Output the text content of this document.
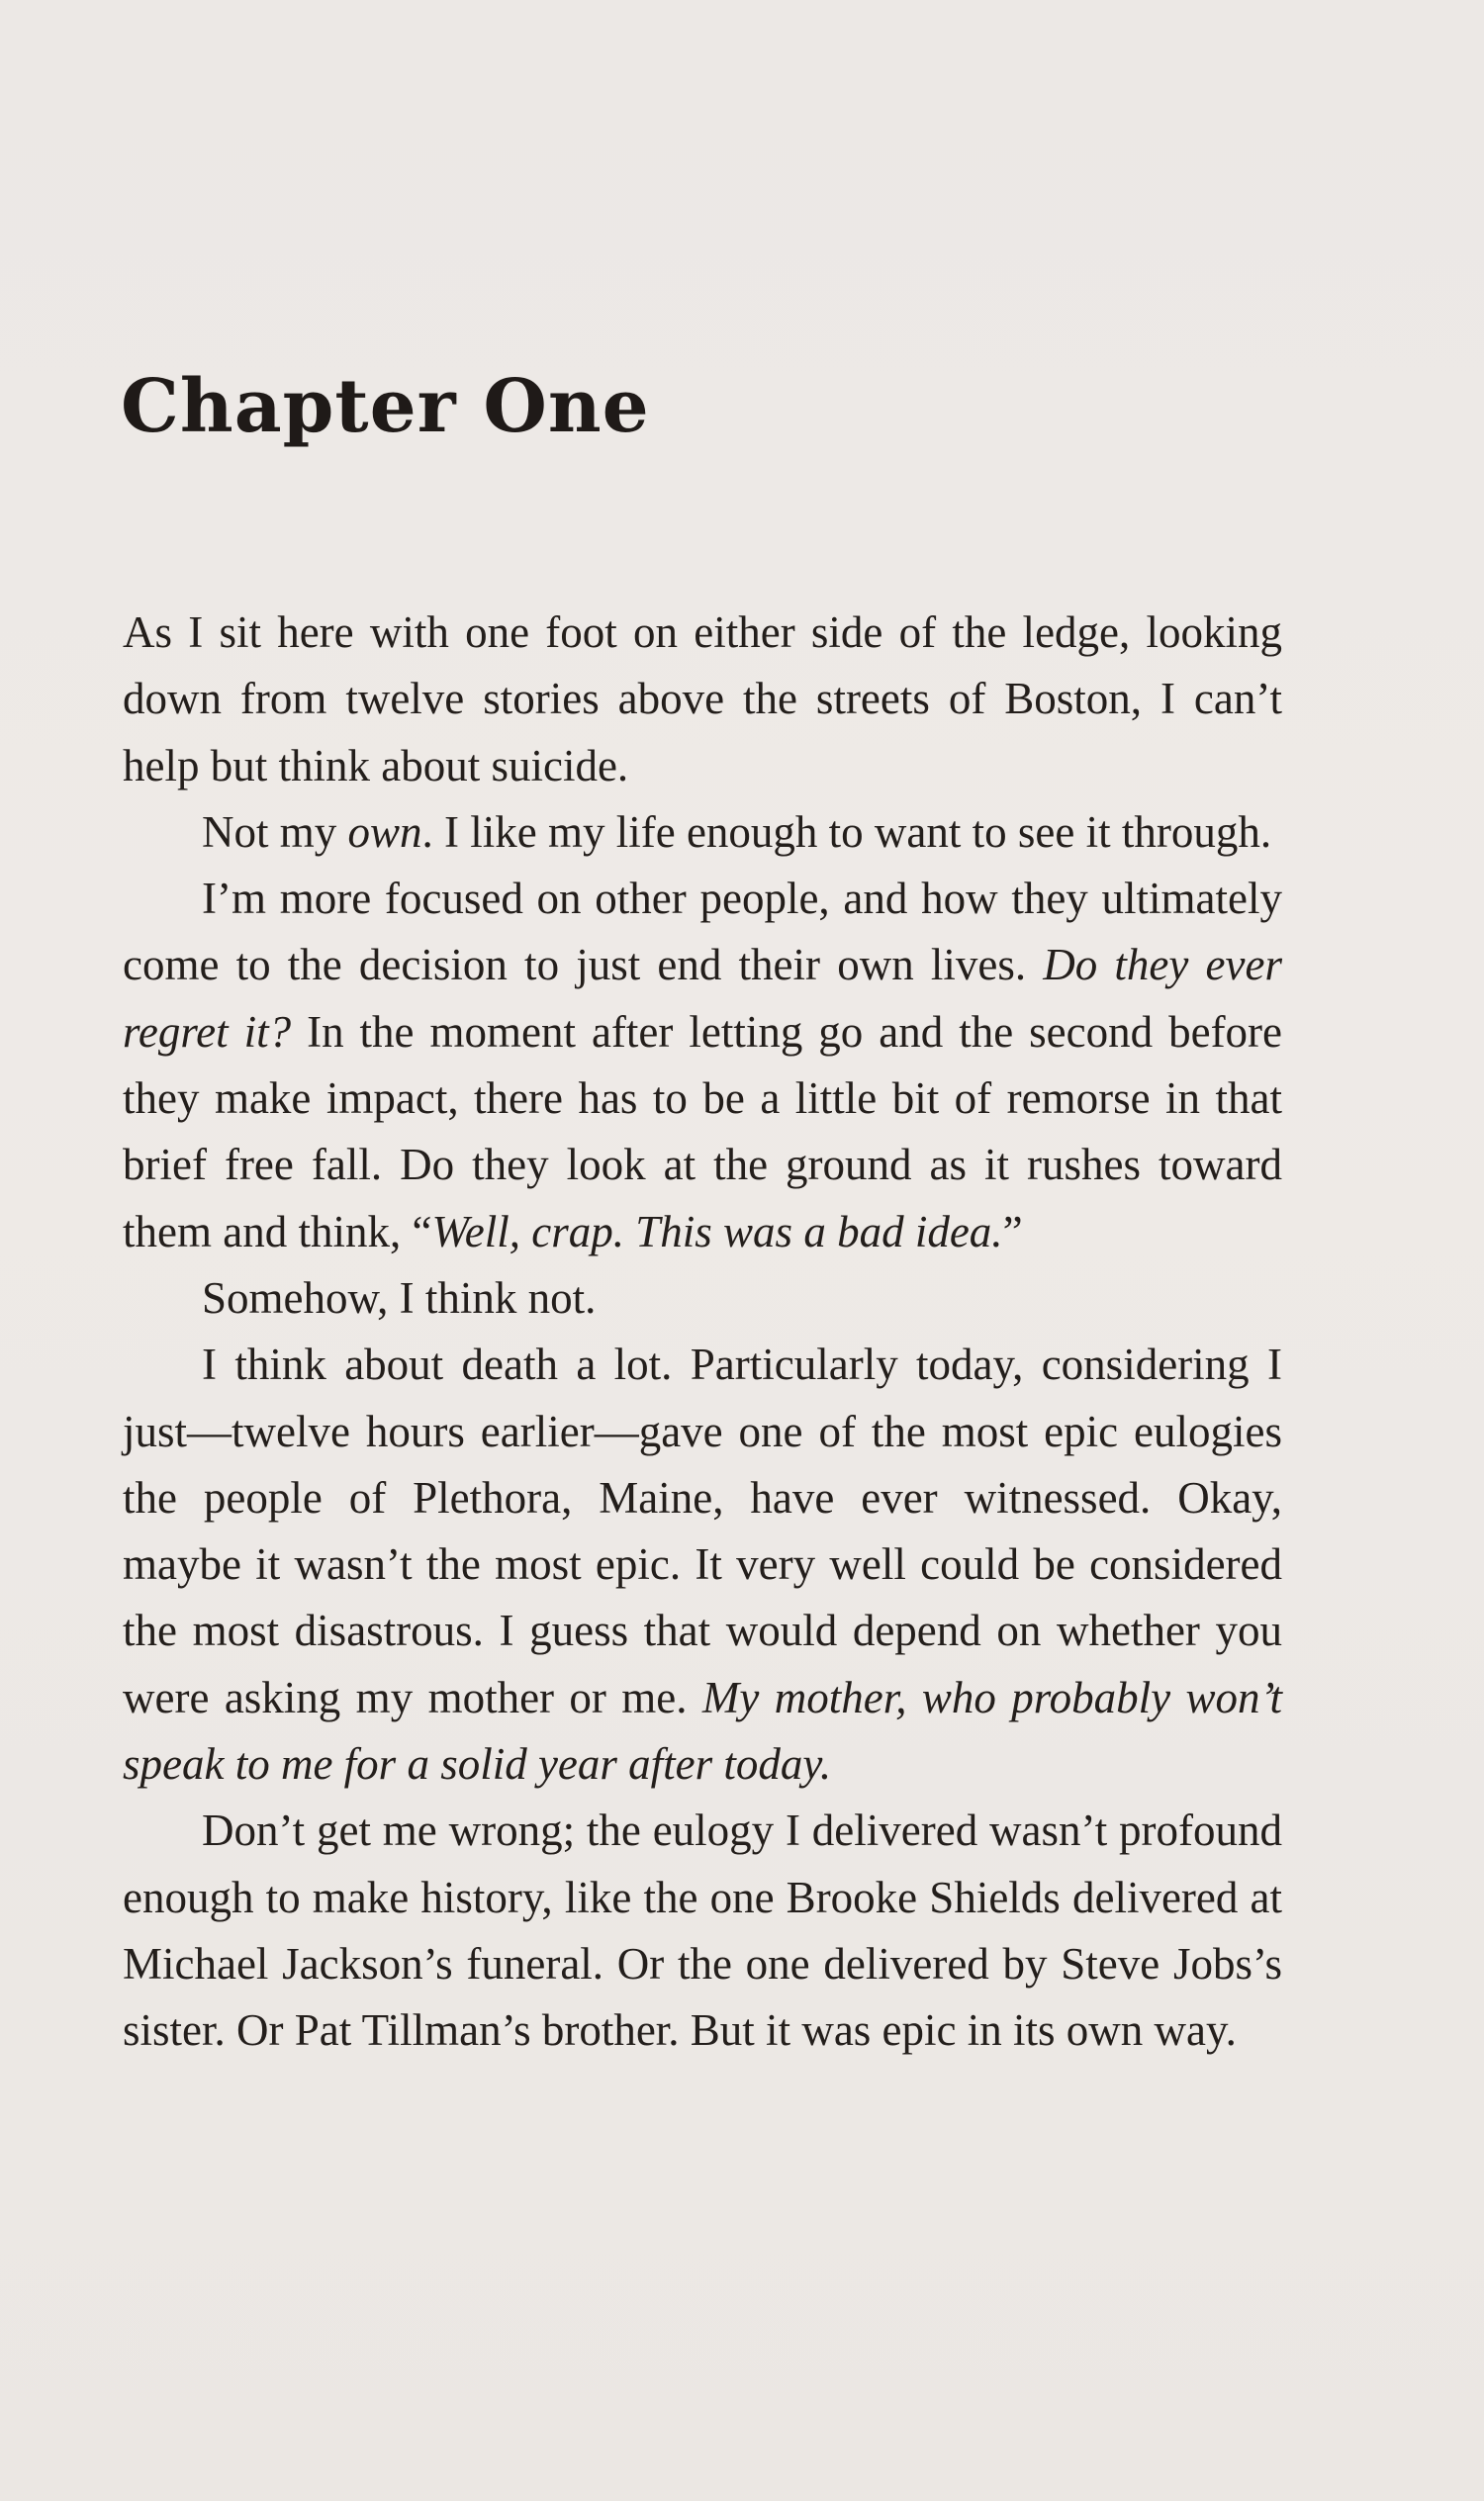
Chapter One

As I sit here with one foot on either side of the ledge, looking down from twelve stories above the streets of Boston, I can’t help but think about suicide.

Not my own. I like my life enough to want to see it through.

I’m more focused on other people, and how they ultimately come to the decision to just end their own lives. Do they ever regret it? In the moment after letting go and the second before they make impact, there has to be a little bit of remorse in that brief free fall. Do they look at the ground as it rushes toward them and think, “Well, crap. This was a bad idea.”

Somehow, I think not.

I think about death a lot. Particularly today, considering I just—twelve hours earlier—gave one of the most epic eulogies the people of Plethora, Maine, have ever witnessed. Okay, maybe it wasn’t the most epic. It very well could be considered the most disastrous. I guess that would depend on whether you were asking my mother or me. My mother, who probably won’t speak to me for a solid year after today.

Don’t get me wrong; the eulogy I delivered wasn’t profound enough to make history, like the one Brooke Shields delivered at Michael Jackson’s funeral. Or the one delivered by Steve Jobs’s sister. Or Pat Tillman’s brother. But it was epic in its own way.
